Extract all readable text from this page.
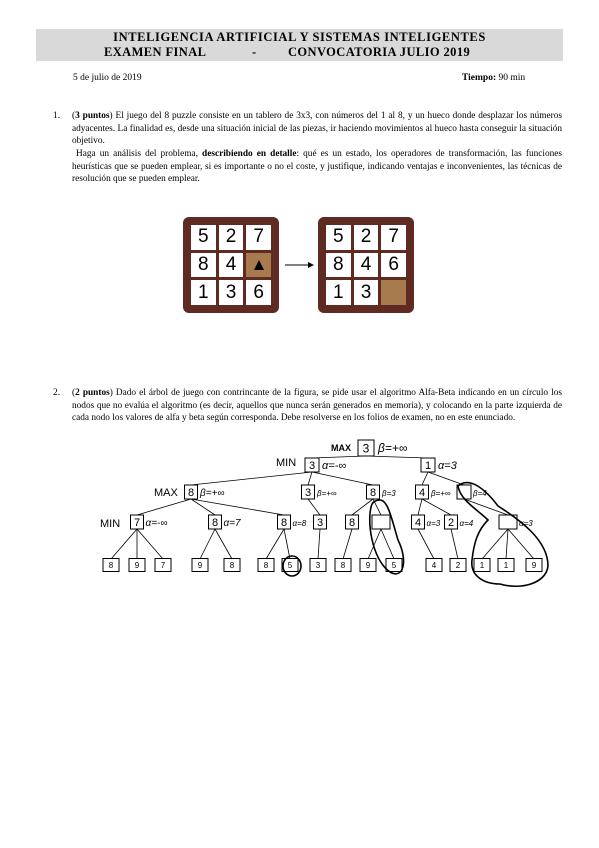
INTELIGENCIA ARTIFICIAL Y SISTEMAS INTELIGENTES
EXAMEN FINAL	-	CONVOCATORIA JULIO 2019
5 de julio de 2019	Tiempo: 90 min
1. (3 puntos) El juego del 8 puzzle consiste en un tablero de 3x3, con números del 1 al 8, y un hueco donde desplazar los números adyacentes. La finalidad es, desde una situación inicial de las piezas, ir haciendo movimientos al hueco hasta conseguir la situación objetivo.
Haga un análisis del problema, describiendo en detalle: qué es un estado, los operadores de transformación, las funciones heurísticas que se pueden emplear, si es importante o no el coste, y justifique, indicando ventajas e inconvenientes, las técnicas de resolución que se pueden emplear.
5 2 7
8 4
1 3 6
5 2 7
8 4 6
1 3
2. (2 puntos) Dado el árbol de juego con contrincante de la figura, se pide usar el algoritmo Alfa-Beta indicando en un círculo los nodos que no evalúa el algoritmo (es decir, aquellos que nunca serán generados en memoria), y colocando en la parte izquierda de cada nodo los valores de alfa y beta según corresponda. Debe resolverse en los folios de examen, no en este enunciado.
MAX
MIN
MAX
MIN
3 β=+∞
3 α=-∞	1 α=3
8 β=+∞	3 β=+∞	8 β=3 4 β=+∞	β=4
7 α=-∞	8 α=7	8 α=8 3 8	4 α=3 2 α=4	α=3
8	9	7	9	8	8 5	3	8	9	5	4 2 1 1	9
